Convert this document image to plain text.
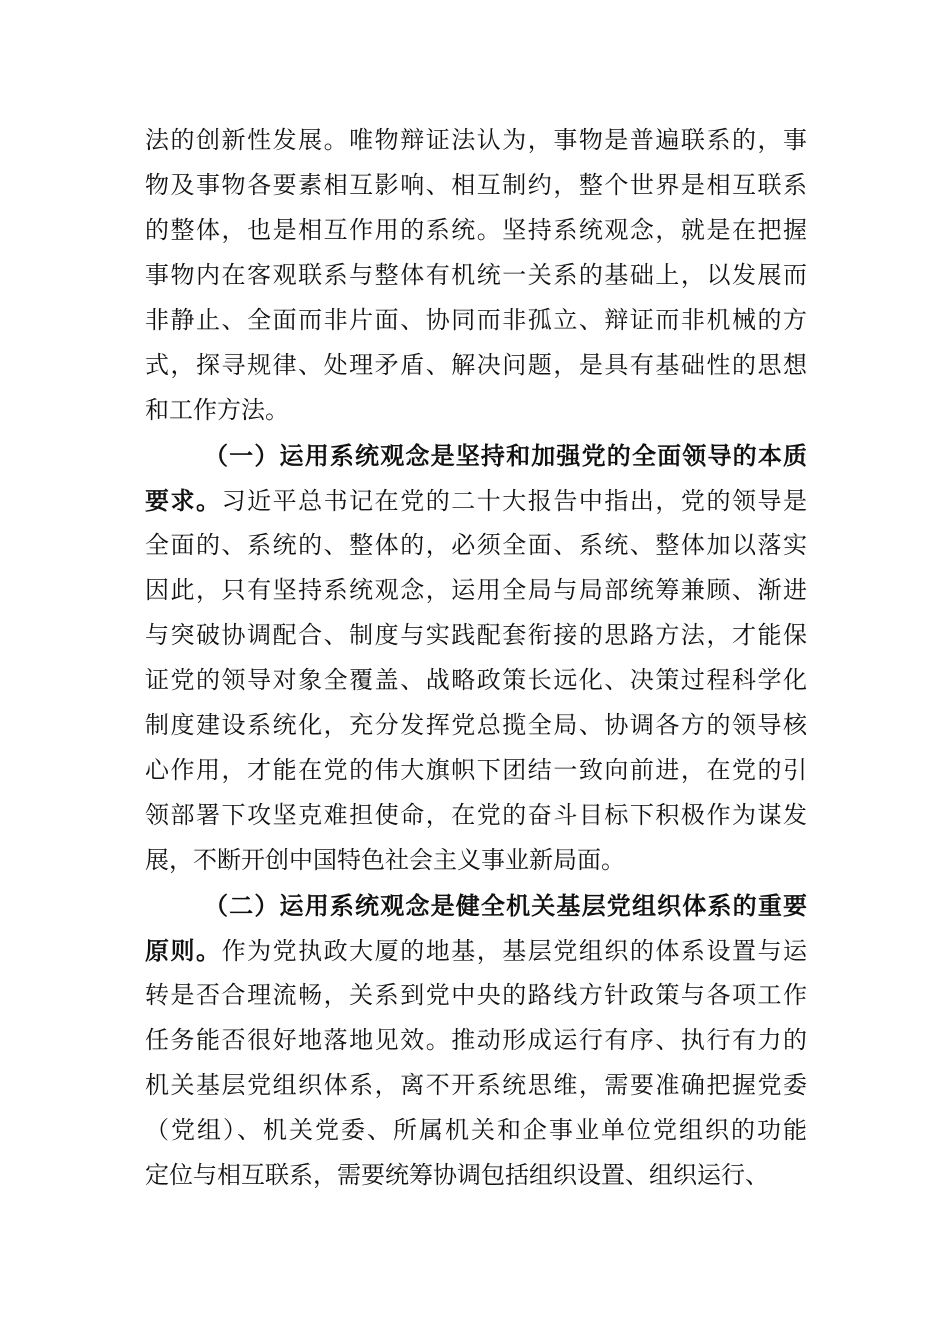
法的创新性发展。唯物辩证法认为，事物是普遍联系的，事
物及事物各要素相互影响、相互制约，整个世界是相互联系
的整体，也是相互作用的系统。坚持系统观念，就是在把握
事物内在客观联系与整体有机统一关系的基础上，以发展而
非静止、全面而非片面、协同而非孤立、辩证而非机械的方
式，探寻规律、处理矛盾、解决问题，是具有基础性的思想
和工作方法。
（一）运用系统观念是坚持和加强党的全面领导的本质
要求。习近平总书记在党的二十大报告中指出，党的领导是
全面的、系统的、整体的，必须全面、系统、整体加以落实
因此，只有坚持系统观念，运用全局与局部统筹兼顾、渐进
与突破协调配合、制度与实践配套衔接的思路方法，才能保
证党的领导对象全覆盖、战略政策长远化、决策过程科学化
制度建设系统化，充分发挥党总揽全局、协调各方的领导核
心作用，才能在党的伟大旗帜下团结一致向前进，在党的引
领部署下攻坚克难担使命，在党的奋斗目标下积极作为谋发
展，不断开创中国特色社会主义事业新局面。
（二）运用系统观念是健全机关基层党组织体系的重要
原则。作为党执政大厦的地基，基层党组织的体系设置与运
转是否合理流畅，关系到党中央的路线方针政策与各项工作
任务能否很好地落地见效。推动形成运行有序、执行有力的
机关基层党组织体系，离不开系统思维，需要准确把握党委
（党组）、机关党委、所属机关和企事业单位党组织的功能
定位与相互联系，需要统筹协调包括组织设置、组织运行、
